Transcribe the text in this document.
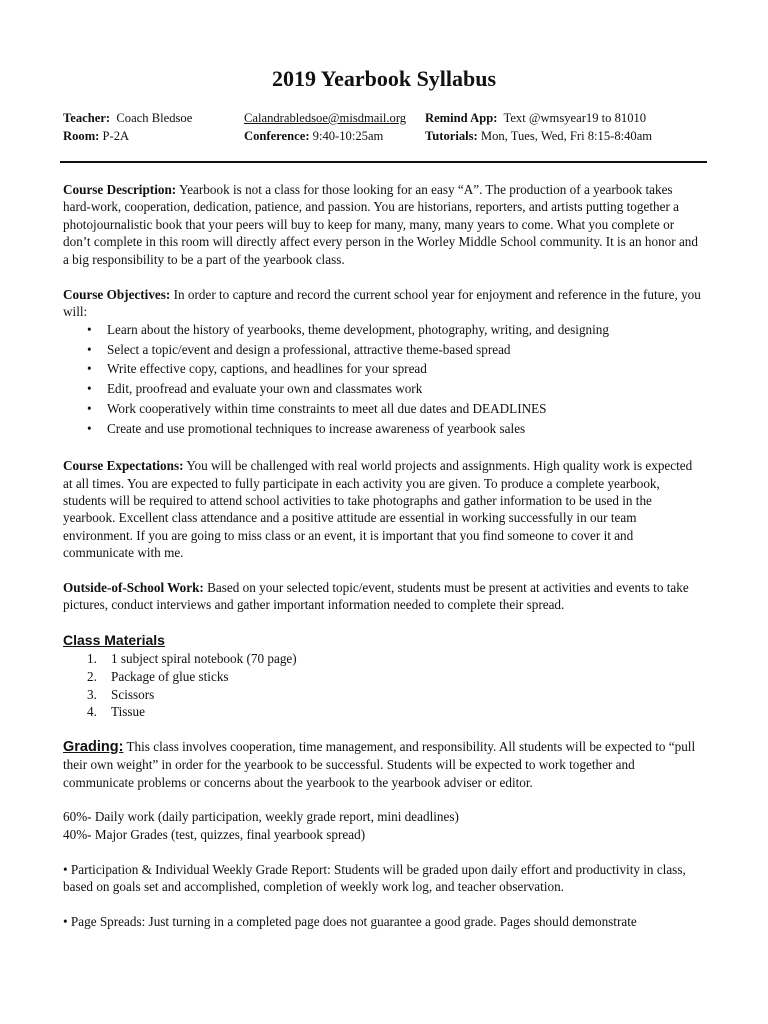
2019 Yearbook Syllabus
Teacher: Coach Bledsoe
Room: P-2A
Calandrabledsoe@misdmail.org
Conference: 9:40-10:25am
Remind App: Text @wmsyear19 to 81010
Tutorials: Mon, Tues, Wed, Fri 8:15-8:40am

Course Description: Yearbook is not a class for those looking for an easy “A”. The production of a yearbook takes hard-work, cooperation, dedication, patience, and passion. You are historians, reporters, and artists putting together a photojournalistic book that your peers will buy to keep for many, many, many years to come. What you complete or don’t complete in this room will directly affect every person in the Worley Middle School community. It is an honor and a big responsibility to be a part of the yearbook class.

Course Objectives: In order to capture and record the current school year for enjoyment and reference in the future, you will:

• Learn about the history of yearbooks, theme development, photography, writing, and designing
• Select a topic/event and design a professional, attractive theme-based spread
• Write effective copy, captions, and headlines for your spread
• Edit, proofread and evaluate your own and classmates work
• Work cooperatively within time constraints to meet all due dates and DEADLINES
• Create and use promotional techniques to increase awareness of yearbook sales

Course Expectations: You will be challenged with real world projects and assignments. High quality work is expected at all times. You are expected to fully participate in each activity you are given. To produce a complete yearbook, students will be required to attend school activities to take photographs and gather information to be used in the yearbook. Excellent class attendance and a positive attitude are essential in working successfully in our team environment. If you are going to miss class or an event, it is important that you find someone to cover it and communicate with me.

Outside-of-School Work: Based on your selected topic/event, students must be present at activities and events to take pictures, conduct interviews and gather important information needed to complete their spread.

Class Materials

1. 1 subject spiral notebook (70 page)
2. Package of glue sticks
3. Scissors
4. Tissue

Grading: This class involves cooperation, time management, and responsibility. All students will be expected to “pull their own weight” in order for the yearbook to be successful. Students will be expected to work together and communicate problems or concerns about the yearbook to the yearbook adviser or editor.

60%- Daily work (daily participation, weekly grade report, mini deadlines)

40%- Major Grades (test, quizzes, final yearbook spread)

• Participation & Individual Weekly Grade Report: Students will be graded upon daily effort and productivity in class, based on goals set and accomplished, completion of weekly work log, and teacher observation.

• Page Spreads: Just turning in a completed page does not guarantee a good grade. Pages should demonstrate
